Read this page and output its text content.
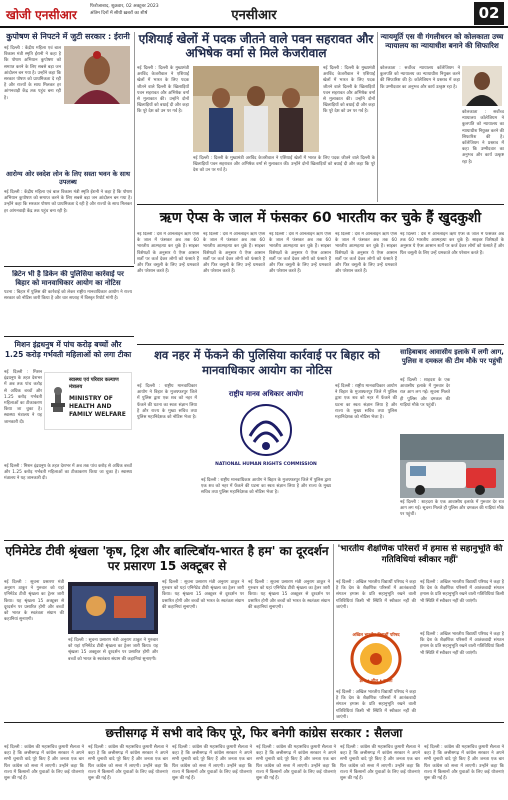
खोजी एनसीआर
फिरोजाबाद, शुक्रवार, 02 अक्टूबर 2023
अंतिम दिनों में सीधी ख़बरों का शीर्ष	एनसीआर	02
कुपोषण से निपटने में जुटी सरकार : ईरानी
नई दिल्ली : केंद्रीय महिला एवं बाल विकास मंत्री स्मृति ईरानी ने कहा है कि पोषण अभियान कुपोषण को समाप्त करने के लिए सबसे बड़ा जन आंदोलन बन गया है। उन्होंने कहा कि सरकार पोषण को प्राथमिकता दे रही है और राज्यों के साथ मिलकर हर आंगनवाड़ी केंद्र तक पहुंच बना रही है।
आरोग्य ओर स्वदेश लोन के लिए सस्ता भवन के साथ उपलब्ध
नई दिल्ली : केंद्रीय महिला एवं बाल विकास मंत्री स्मृति ईरानी ने कहा है कि पोषण अभियान कुपोषण को समाप्त करने के लिए सबसे बड़ा जन आंदोलन बन गया है। उन्होंने कहा कि सरकार पोषण को प्राथमिकता दे रही है और राज्यों के साथ मिलकर हर आंगनवाड़ी केंद्र तक पहुंच बना रही है।
एशियाई खेलों में पदक जीतने वाले पवन सहरावत और अभिषेक वर्मा से मिले केजरीवाल
नई दिल्ली : दिल्ली के मुख्यमंत्री अरविंद केजरीवाल ने एशियाई खेलों में भारत के लिए पदक जीतने वाले दिल्ली के खिलाड़ियों पवन सहरावत और अभिषेक वर्मा से मुलाकात की। उन्होंने दोनों खिलाड़ियों को बधाई दी और कहा कि पूरे देश को उन पर गर्व है।
नई दिल्ली : दिल्ली के मुख्यमंत्री अरविंद केजरीवाल ने एशियाई खेलों में भारत के लिए पदक जीतने वाले दिल्ली के खिलाड़ियों पवन सहरावत और अभिषेक वर्मा से मुलाकात की। उन्होंने दोनों खिलाड़ियों को बधाई दी और कहा कि पूरे देश को उन पर गर्व है।
नई दिल्ली : दिल्ली के मुख्यमंत्री अरविंद केजरीवाल ने एशियाई खेलों में भारत के लिए पदक जीतने वाले दिल्ली के खिलाड़ियों पवन सहरावत और अभिषेक वर्मा से मुलाकात की। उन्होंने दोनों खिलाड़ियों को बधाई दी और कहा कि पूरे देश को उन पर गर्व है।
न्यायमूर्ति एस वी गंगलीधरन को कोलकाता उच्च न्यायालय का न्यायाधीश बनाने की सिफारिश
कोलकाता : सर्वोच्च न्यायालय कॉलेजियम ने कुलपति को न्यायालय का न्यायाधीश नियुक्त करने की सिफारिश की है। कॉलेजियम ने प्रस्ताव में कहा कि उम्मीदवार का अनुभव और कार्य उत्कृष्ट रहा है।
कोलकाता : सर्वोच्च न्यायालय कॉलेजियम ने कुलपति को न्यायालय का न्यायाधीश नियुक्त करने की सिफारिश की है। कॉलेजियम ने प्रस्ताव में कहा कि उम्मीदवार का अनुभव और कार्य उत्कृष्ट रहा है।
ऋण ऐप्स के जाल में फंसकर 60 भारतीय कर चुके हैं खुदकुशी
नई दिल्ली : देश में ऑनलाइन ऋण ऐप्स के जाल में फंसकर अब तक 60 भारतीय आत्महत्या कर चुके हैं। साइबर विशेषज्ञों के अनुसार ये ऐप्स आसान शर्तों पर कर्ज देकर लोगों को फंसाते हैं और फिर वसूली के लिए उन्हें धमकाते और परेशान करते हैं।
नई दिल्ली : देश में ऑनलाइन ऋण ऐप्स के जाल में फंसकर अब तक 60 भारतीय आत्महत्या कर चुके हैं। साइबर विशेषज्ञों के अनुसार ये ऐप्स आसान शर्तों पर कर्ज देकर लोगों को फंसाते हैं और फिर वसूली के लिए उन्हें धमकाते और परेशान करते हैं।
नई दिल्ली : देश में ऑनलाइन ऋण ऐप्स के जाल में फंसकर अब तक 60 भारतीय आत्महत्या कर चुके हैं। साइबर विशेषज्ञों के अनुसार ये ऐप्स आसान शर्तों पर कर्ज देकर लोगों को फंसाते हैं और फिर वसूली के लिए उन्हें धमकाते और परेशान करते हैं।
नई दिल्ली : देश में ऑनलाइन ऋण ऐप्स के जाल में फंसकर अब तक 60 भारतीय आत्महत्या कर चुके हैं। साइबर विशेषज्ञों के अनुसार ये ऐप्स आसान शर्तों पर कर्ज देकर लोगों को फंसाते हैं और फिर वसूली के लिए उन्हें धमकाते और परेशान करते हैं।
नई दिल्ली : देश में ऑनलाइन ऋण ऐप्स के जाल में फंसकर अब तक 60 भारतीय आत्महत्या कर चुके हैं। साइबर विशेषज्ञों के अनुसार ये ऐप्स आसान शर्तों पर कर्ज देकर लोगों को फंसाते हैं और फिर वसूली के लिए उन्हें धमकाते और परेशान करते हैं।
ब्रिटेन भी है डिकेन की पुलिसिया कार्रवाई पर बिहार को मानवाधिकार आयोग का नोटिस
पटना : बिहार में पुलिस की कार्रवाई को लेकर राष्ट्रीय मानवाधिकार आयोग ने राज्य सरकार को नोटिस जारी किया है और चार सप्ताह में विस्तृत रिपोर्ट मांगी है।
मिशन इंद्रधनुष में पांच करोड़ बच्चों और 1.25 करोड़ गर्भवती महिलाओं को लगा टीका
नई दिल्ली : मिशन इंद्रधनुष के तहत देशभर में अब तक पांच करोड़ से अधिक बच्चों और 1.25 करोड़ गर्भवती महिलाओं का टीकाकरण किया जा चुका है। स्वास्थ्य मंत्रालय ने यह जानकारी दी।
स्वास्थ्य एवं परिवार कल्याण मंत्रालय
MINISTRY OF
HEALTH AND
FAMILY WELFARE
नई दिल्ली : मिशन इंद्रधनुष के तहत देशभर में अब तक पांच करोड़ से अधिक बच्चों और 1.25 करोड़ गर्भवती महिलाओं का टीकाकरण किया जा चुका है। स्वास्थ्य मंत्रालय ने यह जानकारी दी।
शव नहर में फेंकने की पुलिसिया कार्रवाई पर बिहार को मानवाधिकार आयोग का नोटिस
नई दिल्ली : राष्ट्रीय मानवाधिकार आयोग ने बिहार के मुजफ्फरपुर जिले में पुलिस द्वारा एक शव को नहर में फेंकने की घटना का स्वतः संज्ञान लिया है और राज्य के मुख्य सचिव तथा पुलिस महानिदेशक को नोटिस भेजा है।
राष्ट्रीय मानव अधिकार आयोग
NATIONAL HUMAN RIGHTS COMMISSION
नई दिल्ली : राष्ट्रीय मानवाधिकार आयोग ने बिहार के मुजफ्फरपुर जिले में पुलिस द्वारा एक शव को नहर में फेंकने की घटना का स्वतः संज्ञान लिया है और राज्य के मुख्य सचिव तथा पुलिस महानिदेशक को नोटिस भेजा है।
नई दिल्ली : राष्ट्रीय मानवाधिकार आयोग ने बिहार के मुजफ्फरपुर जिले में पुलिस द्वारा एक शव को नहर में फेंकने की घटना का स्वतः संज्ञान लिया है और राज्य के मुख्य सचिव तथा पुलिस महानिदेशक को नोटिस भेजा है।
साहिबाबाद आवासीय इलाके में लगी आग, पुलिस व दमकल की टीम मौके पर पहुंची
नई दिल्ली : शाहदरा के एक आवासीय इलाके में गुरुवार देर रात आग लग गई। सूचना मिलते ही पुलिस और दमकल की गाड़ियां मौके पर पहुंचीं।
नई दिल्ली : शाहदरा के एक आवासीय इलाके में गुरुवार देर रात आग लग गई। सूचना मिलते ही पुलिस और दमकल की गाड़ियां मौके पर पहुंचीं।
एनिमेटेड टीवी श्रृंखला 'कृष, ट्रिश और बाल्टिबॉय-भारत है हम' का दूरदर्शन पर प्रसारण 15 अक्टूबर से
नई दिल्ली : सूचना प्रसारण मंत्री अनुराग ठाकुर ने गुरुवार को यहां एनिमेटेड टीवी श्रृंखला का ट्रेलर जारी किया। यह श्रृंखला 15 अक्टूबर से दूरदर्शन पर प्रसारित होगी और बच्चों को भारत के स्वतंत्रता संग्राम की कहानियां सुनाएगी।
नई दिल्ली : सूचना प्रसारण मंत्री अनुराग ठाकुर ने गुरुवार को यहां एनिमेटेड टीवी श्रृंखला का ट्रेलर जारी किया। यह श्रृंखला 15 अक्टूबर से दूरदर्शन पर प्रसारित होगी और बच्चों को भारत के स्वतंत्रता संग्राम की कहानियां सुनाएगी।
नई दिल्ली : सूचना प्रसारण मंत्री अनुराग ठाकुर ने गुरुवार को यहां एनिमेटेड टीवी श्रृंखला का ट्रेलर जारी किया। यह श्रृंखला 15 अक्टूबर से दूरदर्शन पर प्रसारित होगी और बच्चों को भारत के स्वतंत्रता संग्राम की कहानियां सुनाएगी।
नई दिल्ली : सूचना प्रसारण मंत्री अनुराग ठाकुर ने गुरुवार को यहां एनिमेटेड टीवी श्रृंखला का ट्रेलर जारी किया। यह श्रृंखला 15 अक्टूबर से दूरदर्शन पर प्रसारित होगी और बच्चों को भारत के स्वतंत्रता संग्राम की कहानियां सुनाएगी।
'भारतीय शैक्षणिक परिसरों में हमास से सहानुभूति की गतिविधियां स्वीकार नहीं'
नई दिल्ली : अखिल भारतीय विद्यार्थी परिषद ने कहा है कि देश के शैक्षणिक परिसरों में आतंकवादी संगठन हमास के प्रति सहानुभूति रखने वाली गतिविधियां किसी भी स्थिति में स्वीकार नहीं की जाएंगी।
नई दिल्ली : अखिल भारतीय विद्यार्थी परिषद ने कहा है कि देश के शैक्षणिक परिसरों में आतंकवादी संगठन हमास के प्रति सहानुभूति रखने वाली गतिविधियां किसी भी स्थिति में स्वीकार नहीं की जाएंगी।
अखिल भारतीय विद्यार्थी परिषद
ज्ञान • शील • एकता
नई दिल्ली : अखिल भारतीय विद्यार्थी परिषद ने कहा है कि देश के शैक्षणिक परिसरों में आतंकवादी संगठन हमास के प्रति सहानुभूति रखने वाली गतिविधियां किसी भी स्थिति में स्वीकार नहीं की जाएंगी।
नई दिल्ली : अखिल भारतीय विद्यार्थी परिषद ने कहा है कि देश के शैक्षणिक परिसरों में आतंकवादी संगठन हमास के प्रति सहानुभूति रखने वाली गतिविधियां किसी भी स्थिति में स्वीकार नहीं की जाएंगी।
छत्तीसगढ़ में सभी वादे किए पूरे, फिर बनेगी कांग्रेस सरकार : सैलजा
नई दिल्ली : कांग्रेस की महासचिव कुमारी सैलजा ने कहा है कि छत्तीसगढ़ में कांग्रेस सरकार ने अपने सभी चुनावी वादे पूरे किए हैं और जनता एक बार फिर कांग्रेस को सत्ता में लाएगी। उन्होंने कहा कि राज्य में किसानों और युवाओं के लिए कई योजनाएं शुरू की गई हैं।
नई दिल्ली : कांग्रेस की महासचिव कुमारी सैलजा ने कहा है कि छत्तीसगढ़ में कांग्रेस सरकार ने अपने सभी चुनावी वादे पूरे किए हैं और जनता एक बार फिर कांग्रेस को सत्ता में लाएगी। उन्होंने कहा कि राज्य में किसानों और युवाओं के लिए कई योजनाएं शुरू की गई हैं।
नई दिल्ली : कांग्रेस की महासचिव कुमारी सैलजा ने कहा है कि छत्तीसगढ़ में कांग्रेस सरकार ने अपने सभी चुनावी वादे पूरे किए हैं और जनता एक बार फिर कांग्रेस को सत्ता में लाएगी। उन्होंने कहा कि राज्य में किसानों और युवाओं के लिए कई योजनाएं शुरू की गई हैं।
नई दिल्ली : कांग्रेस की महासचिव कुमारी सैलजा ने कहा है कि छत्तीसगढ़ में कांग्रेस सरकार ने अपने सभी चुनावी वादे पूरे किए हैं और जनता एक बार फिर कांग्रेस को सत्ता में लाएगी। उन्होंने कहा कि राज्य में किसानों और युवाओं के लिए कई योजनाएं शुरू की गई हैं।
नई दिल्ली : कांग्रेस की महासचिव कुमारी सैलजा ने कहा है कि छत्तीसगढ़ में कांग्रेस सरकार ने अपने सभी चुनावी वादे पूरे किए हैं और जनता एक बार फिर कांग्रेस को सत्ता में लाएगी। उन्होंने कहा कि राज्य में किसानों और युवाओं के लिए कई योजनाएं शुरू की गई हैं।
नई दिल्ली : कांग्रेस की महासचिव कुमारी सैलजा ने कहा है कि छत्तीसगढ़ में कांग्रेस सरकार ने अपने सभी चुनावी वादे पूरे किए हैं और जनता एक बार फिर कांग्रेस को सत्ता में लाएगी। उन्होंने कहा कि राज्य में किसानों और युवाओं के लिए कई योजनाएं शुरू की गई हैं।
